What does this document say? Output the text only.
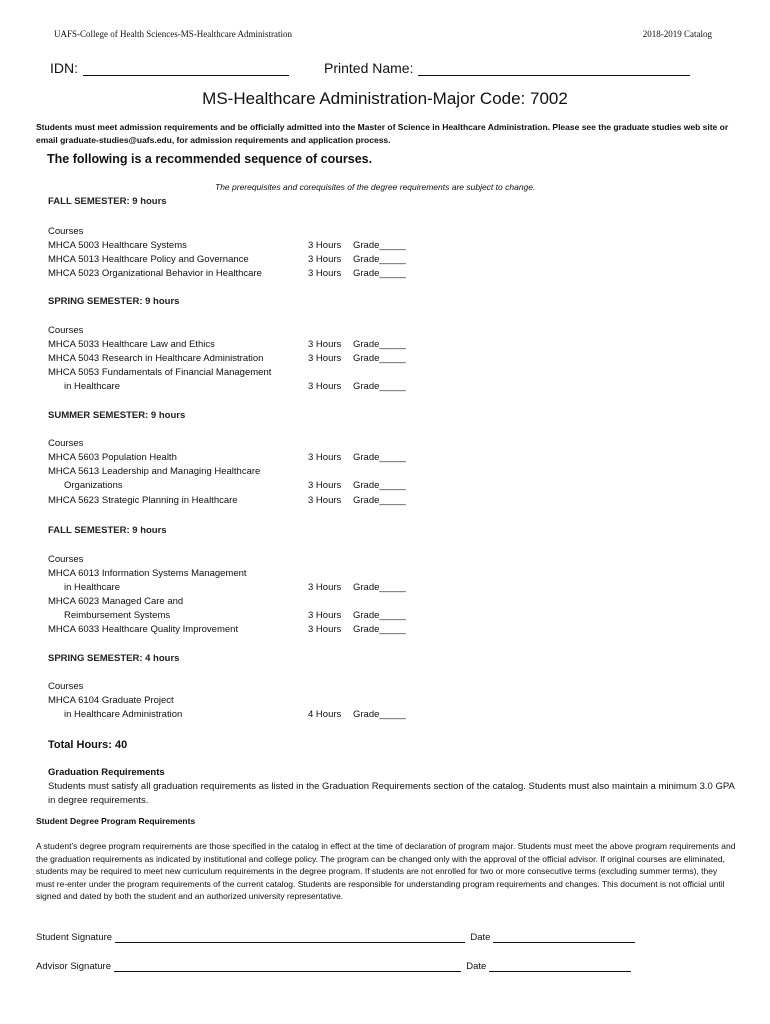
UAFS-College of Health Sciences-MS-Healthcare Administration	2018-2019 Catalog
IDN:	Printed Name:
MS-Healthcare Administration-Major Code: 7002
Students must meet admission requirements and be officially admitted into the Master of Science in Healthcare Administration. Please see the graduate studies web site or email graduate-studies@uafs.edu, for admission requirements and application process.
The following is a recommended sequence of courses.
The prerequisites and corequisites of the degree requirements are subject to change.
FALL SEMESTER: 9 hours
Courses
MHCA 5003 Healthcare Systems	3 Hours Grade_____
MHCA 5013 Healthcare Policy and Governance	3 Hours Grade_____
MHCA 5023 Organizational Behavior in Healthcare	3 Hours Grade_____
SPRING SEMESTER: 9 hours
Courses
MHCA 5033 Healthcare Law and Ethics	3 Hours Grade_____
MHCA 5043 Research in Healthcare Administration	3 Hours Grade_____
MHCA 5053 Fundamentals of Financial Management
in Healthcare	3 Hours Grade_____
SUMMER SEMESTER: 9 hours
Courses
MHCA 5603 Population Health	3 Hours Grade_____
MHCA 5613 Leadership and Managing Healthcare
Organizations	3 Hours Grade_____
MHCA 5623 Strategic Planning in Healthcare	3 Hours Grade_____
FALL SEMESTER: 9 hours
Courses
MHCA 6013 Information Systems Management
in Healthcare	3 Hours Grade_____
MHCA 6023 Managed Care and
Reimbursement Systems	3 Hours Grade_____
MHCA 6033 Healthcare Quality Improvement	3 Hours Grade_____
SPRING SEMESTER: 4 hours
Courses
MHCA 6104 Graduate Project
in Healthcare Administration	4 Hours Grade_____
Total Hours: 40
Graduation Requirements
Students must satisfy all graduation requirements as listed in the Graduation Requirements section of the catalog. Students must also maintain a minimum 3.0 GPA in degree requirements.
Student Degree Program Requirements
A student’s degree program requirements are those specified in the catalog in effect at the time of declaration of program major. Students must meet the above program requirements and the graduation requirements as indicated by institutional and college policy. The program can be changed only with the approval of the official advisor. If original courses are eliminated, students may be required to meet new curriculum requirements in the degree program. If students are not enrolled for two or more consecutive terms (excluding summer terms), they must re-enter under the program requirements of the current catalog. Students are responsible for understanding program requirements and changes. This document is not official until signed and dated by both the student and an authorized university representative.
Student Signature	Date
Advisor Signature	Date
